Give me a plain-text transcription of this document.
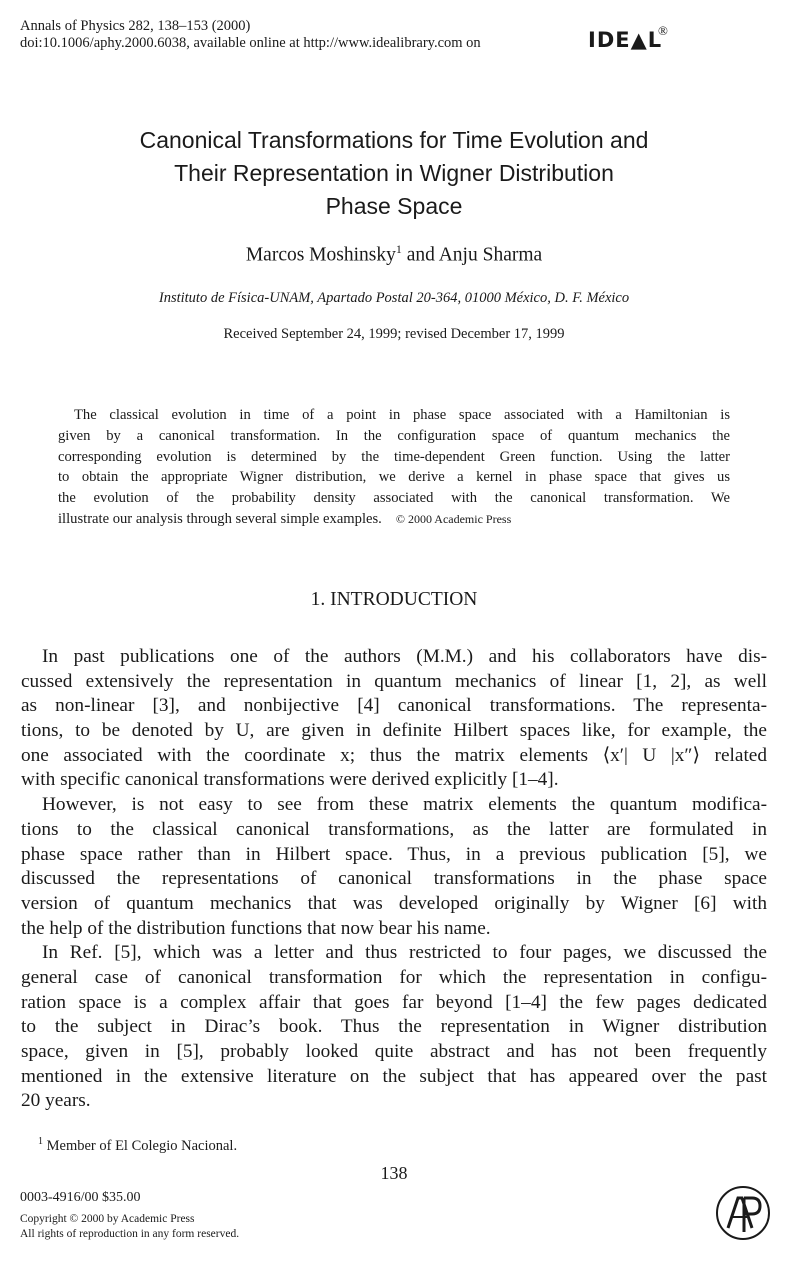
Annals of Physics 282, 138–153 (2000)
doi:10.1006/aphy.2000.6038, available online at http://www.idealibrary.com on	IDE▲L
®
Canonical Transformations for Time Evolution and
Their Representation in Wigner Distribution
Phase Space
Marcos Moshinsky$^1$ and Anju Sharma
Instituto de Física-UNAM, Apartado Postal 20-364, 01000 México, D. F. México
Received September 24, 1999; revised December 17, 1999
The classical evolution in time of a point in phase space associated with a Hamiltonian is
given by a canonical transformation. In the configuration space of quantum mechanics the
corresponding evolution is determined by the time-dependent Green function. Using the latter
to obtain the appropriate Wigner distribution, we derive a kernel in phase space that gives us
the evolution of the probability density associated with the canonical transformation. We
illustrate our analysis through several simple examples. © 2000 Academic Press
1. INTRODUCTION
In past publications one of the authors (M.M.) and his collaborators have dis-
cussed extensively the representation in quantum mechanics of linear [1, 2], as well
as non-linear [3], and nonbijective [4] canonical transformations. The representa-
tions, to be denoted by U, are given in definite Hilbert spaces like, for example, the
one associated with the coordinate x; thus the matrix elements ⟨x′| U |x″⟩ related
with specific canonical transformations were derived explicitly [1–4].
However, is not easy to see from these matrix elements the quantum modifica-
tions to the classical canonical transformations, as the latter are formulated in
phase space rather than in Hilbert space. Thus, in a previous publication [5], we
discussed the representations of canonical transformations in the phase space
version of quantum mechanics that was developed originally by Wigner [6] with
the help of the distribution functions that now bear his name.
In Ref. [5], which was a letter and thus restricted to four pages, we discussed the
general case of canonical transformation for which the representation in configu-
ration space is a complex affair that goes far beyond [1–4] the few pages dedicated
to the subject in Dirac’s book. Thus the representation in Wigner distribution
space, given in [5], probably looked quite abstract and has not been frequently
mentioned in the extensive literature on the subject that has appeared over the past
20 years.
$^1$ Member of El Colegio Nacional.
138
0003-4916/00 $35.00
Copyright © 2000 by Academic Press
All rights of reproduction in any form reserved.
